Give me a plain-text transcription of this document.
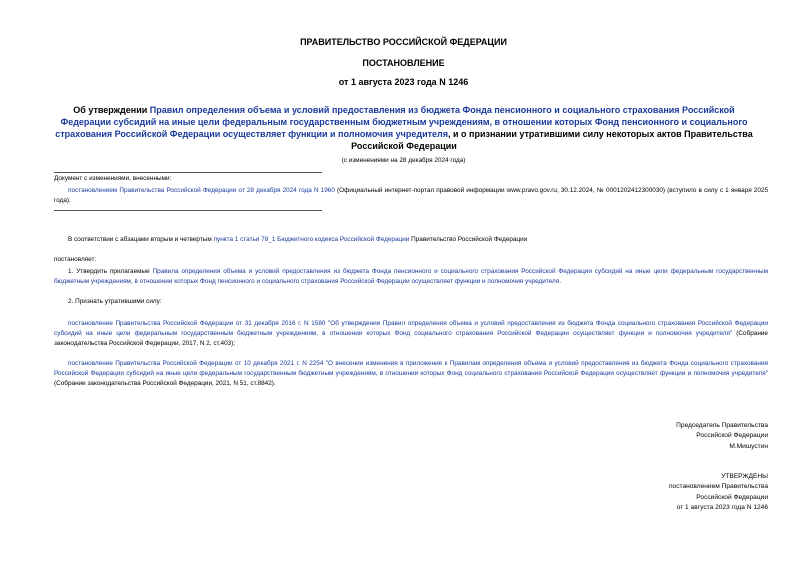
ПРАВИТЕЛЬСТВО РОССИЙСКОЙ ФЕДЕРАЦИИ
ПОСТАНОВЛЕНИЕ
от 1 августа 2023 года N 1246
Об утверждении Правил определения объема и условий предоставления из бюджета Фонда пенсионного и социального страхования Российской Федерации субсидий на иные цели федеральным государственным бюджетным учреждениям, в отношении которых Фонд пенсионного и социального страхования Российской Федерации осуществляет функции и полномочия учредителя, и о признании утратившими силу некоторых актов Правительства Российской Федерации
(с изменениями на 28 декабря 2024 года)
Документ с изменениями, внесенными:
постановлением Правительства Российской Федерации от 28 декабря 2024 года N 1960 (Официальный интернет-портал правовой информации www.pravo.gov.ru, 30.12.2024, № 0001202412300030) (вступило в силу с 1 января 2025 года).
В соответствии с абзацами вторым и четвертым пункта 1 статьи 78_1 Бюджетного кодекса Российской Федерации Правительство Российской Федерации
постановляет:
1. Утвердить прилагаемые Правила определения объема и условий предоставления из бюджета Фонда пенсионного и социального страхования Российской Федерации субсидий на иные цели федеральным государственным бюджетным учреждениям, в отношении которых Фонд пенсионного и социального страхования Российской Федерации осуществляет функции и полномочия учредителя.
2. Признать утратившими силу:
постановление Правительства Российской Федерации от 31 декабря 2016 г. N 1580 "Об утверждении Правил определения объема и условий предоставления из бюджета Фонда социального страхования Российской Федерации субсидий на иные цели федеральным государственным бюджетным учреждениям, в отношении которых Фонд социального страхования Российской Федерации осуществляет функции и полномочия учредителя" (Собрание законодательства Российской Федерации, 2017, N 2, ст.403);
постановление Правительства Российской Федерации от 10 декабря 2021 г. N 2254 "О внесении изменения в приложение к Правилам определения объема и условий предоставления из бюджета Фонда социального страхования Российской Федерации субсидий на иные цели федеральным государственным бюджетным учреждениям, в отношении которых Фонд социального страхования Российской Федерации осуществляет функции и полномочия учредителя" (Собрание законодательства Российской Федерации, 2021, N 51, ст.8842).
Председатель Правительства
Российской Федерации
М.Мишустин
УТВЕРЖДЕНЫ
постановлением Правительства
Российской Федерации
от 1 августа 2023 года N 1246
